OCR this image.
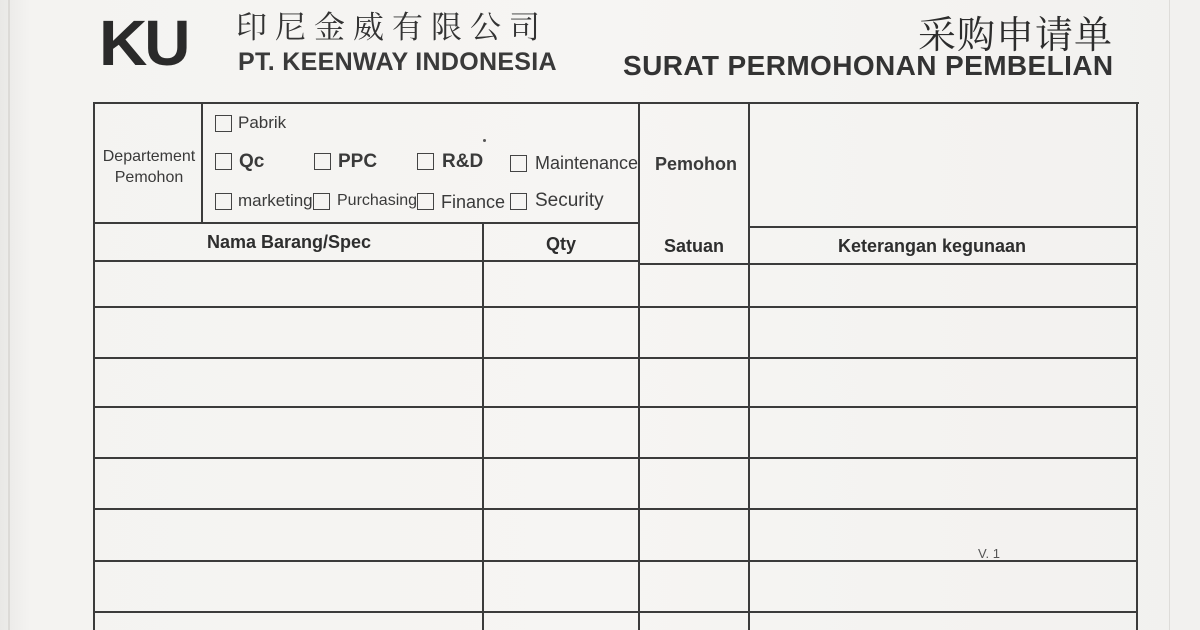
KU 印尼金威有限公司
PT. KEENWAY INDONESIA
采购申请单
SURAT PERMOHONAN PEMBELIAN
Departement
Pemohon
Pabrik
Qc	PPC	R&D	Maintenance
marketing Purchasing Finance Security
Pemohon
Nama Barang/Spec	Qty	Satuan	Keterangan kegunaan
V. 1
